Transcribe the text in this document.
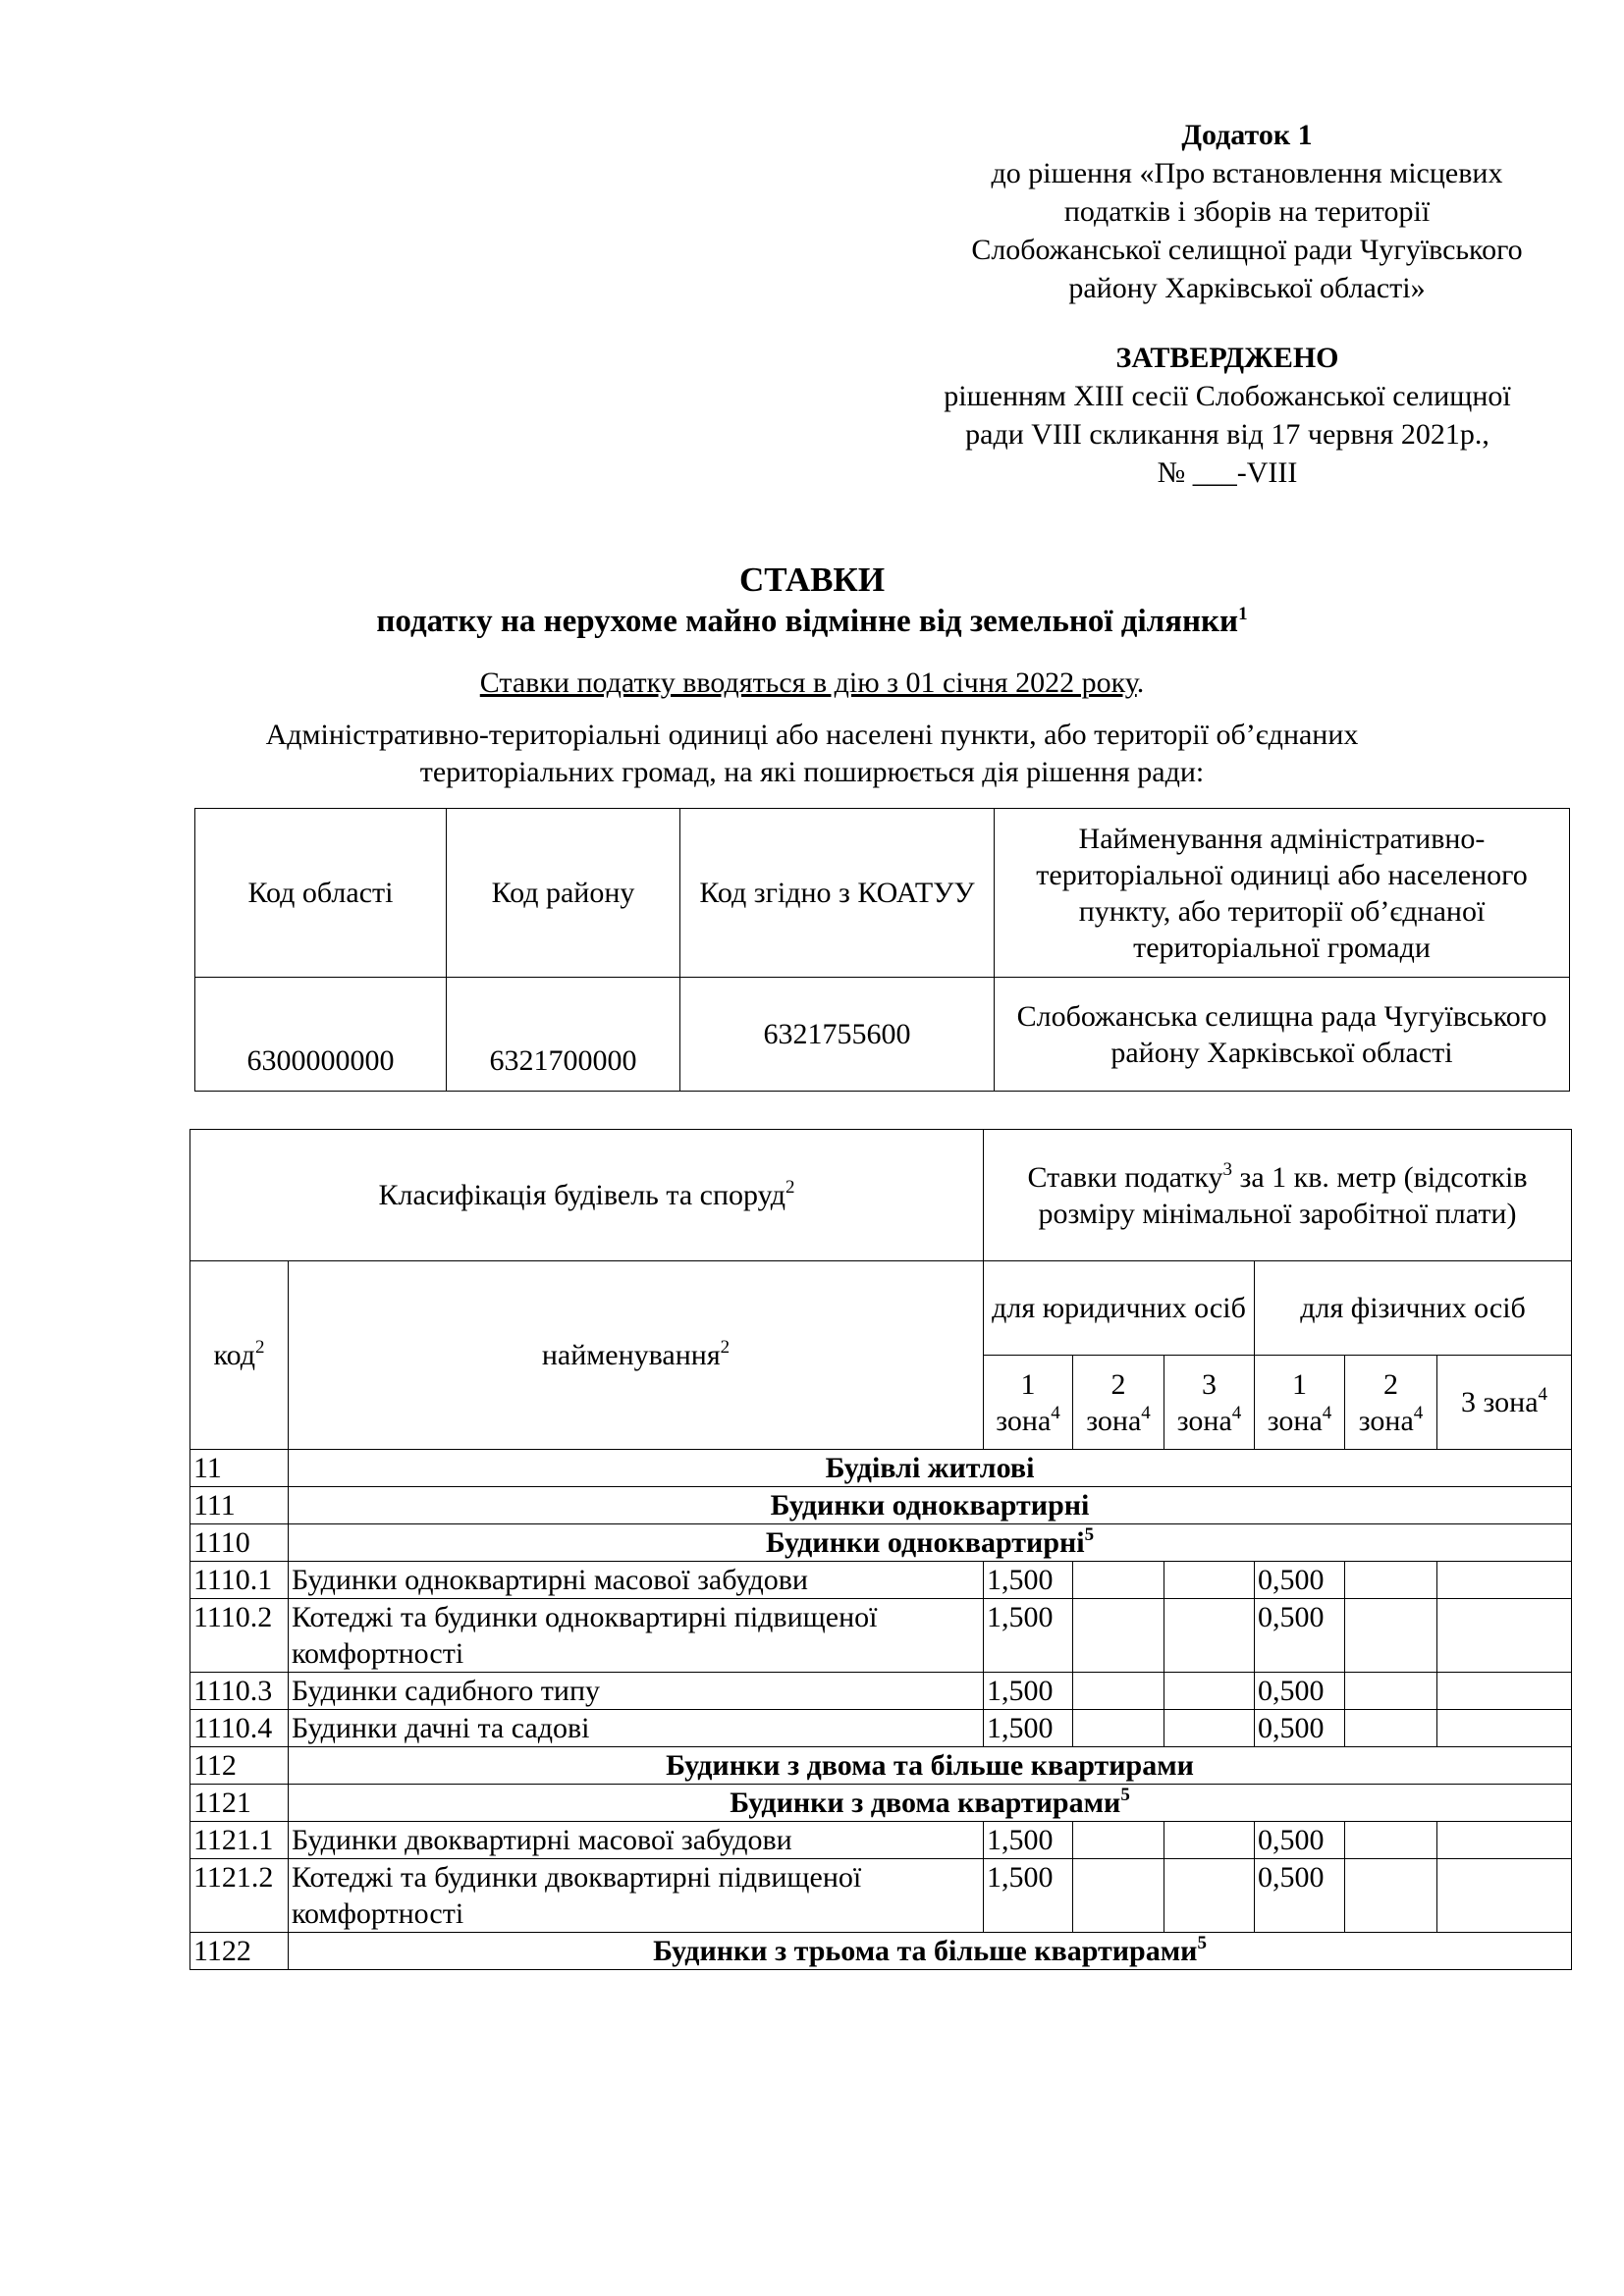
Додаток 1
до рішення «Про встановлення місцевих
податків і зборів на території
Слобожанської селищної ради Чугуївського
району Харківської області»
ЗАТВЕРДЖЕНО
рішенням XIII сесії Слобожанської селищної
ради VIII скликання від 17 червня 2021р.,
№ ___-VIII
СТАВКИ
податку на нерухоме майно відмінне від земельної ділянки$^1$
Ставки податку вводяться в дію з 01 січня 2022 року.
Адміністративно-територіальні одиниці або населені пункти, або території об’єднаних
територіальних громад, на які поширюється дія рішення ради:
Код області	Код району	Код згідно з КОАТУУ	Найменування адміністративно-територіальної одиниці або населеного пункту, або території об’єднаної територіальної громади
6300000000	6321700000	6321755600	Слобожанська селищна рада Чугуївського району Харківської області
Класифікація будівель та споруд$^2$		Ставки податку$^3$ за 1 кв. метр (відсотків розміру мінімальної заробітної плати)					
код$^2$	найменування$^2$	для юридичних осіб			для фізичних осіб		
		1 зона$^4$	2 зона$^4$	3 зона$^4$	1 зона$^4$	2 зона$^4$	3 зона$^4$
11	Будівлі житлові						
111	Будинки одноквартирні						
1110	Будинки одноквартирні$^5$
1110.1	Будинки одноквартирні масової забудови	1,500			0,500		
1110.2	Котеджі та будинки одноквартирні підвищеної комфортності	1,500			0,500		
1110.3	Будинки садибного типу	1,500			0,500		
1110.4	Будинки дачні та садові	1,500			0,500		
112	Будинки з двома та більше квартирами						
1121	Будинки з двома квартирами$^5$
1121.1	Будинки двоквартирні масової забудови	1,500			0,500		
1121.2	Котеджі та будинки двоквартирні підвищеної комфортності	1,500			0,500		
1122	Будинки з трьома та більше квартирами$^5$
